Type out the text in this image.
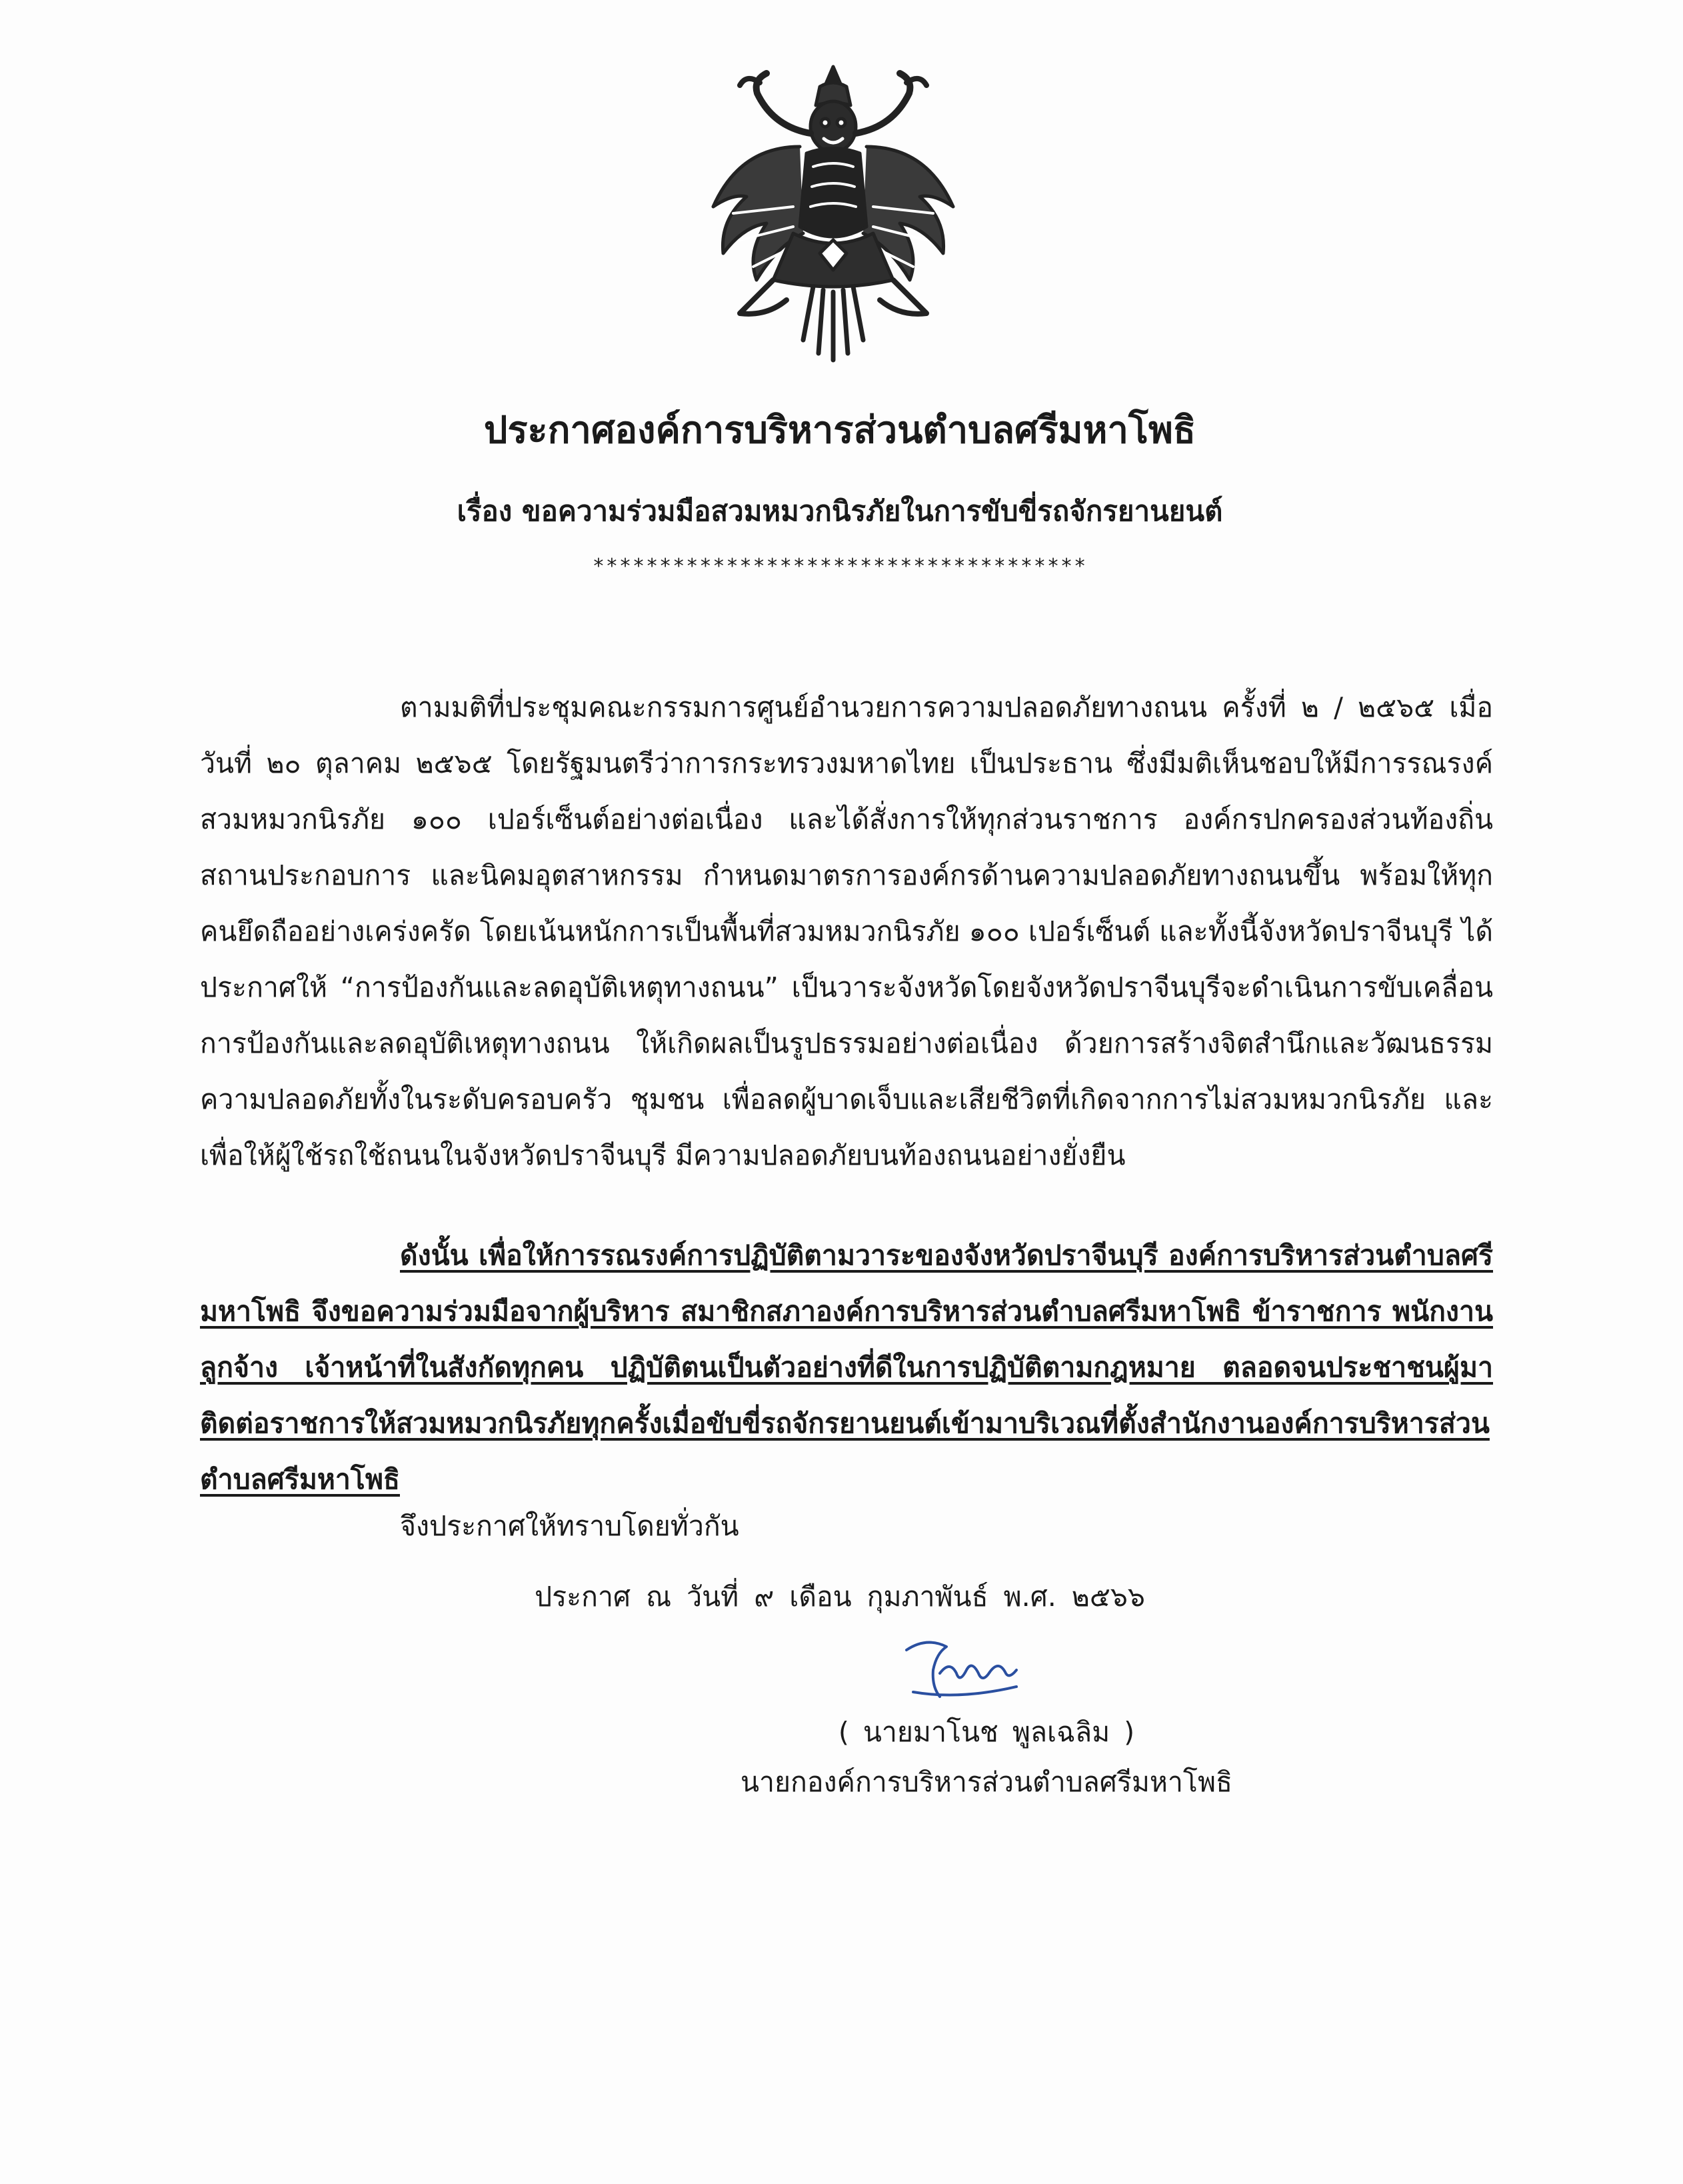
ประกาศองค์การบริหารส่วนตำบลศรีมหาโพธิ
เรื่อง ขอความร่วมมือสวมหมวกนิรภัยในการขับขี่รถจักรยานยนต์
*************************************

ตามมติที่ประชุมคณะกรรมการศูนย์อำนวยการความปลอดภัยทางถนน ครั้งที่ ๒ / ๒๕๖๕ เมื่อวันที่ ๒๐ ตุลาคม ๒๕๖๕ โดยรัฐมนตรีว่าการกระทรวงมหาดไทย เป็นประธาน ซึ่งมีมติเห็นชอบให้มีการรณรงค์สวมหมวกนิรภัย ๑๐๐ เปอร์เซ็นต์อย่างต่อเนื่อง และได้สั่งการให้ทุกส่วนราชการ องค์กรปกครองส่วนท้องถิ่น สถานประกอบการ และนิคมอุตสาหกรรม กำหนดมาตรการองค์กรด้านความปลอดภัยทางถนนขึ้น พร้อมให้ทุกคนยึดถืออย่างเคร่งครัด โดยเน้นหนักการเป็นพื้นที่สวมหมวกนิรภัย ๑๐๐ เปอร์เซ็นต์ และทั้งนี้จังหวัดปราจีนบุรี ได้ประกาศให้ “การป้องกันและลดอุบัติเหตุทางถนน” เป็นวาระจังหวัดโดยจังหวัดปราจีนบุรีจะดำเนินการขับเคลื่อนการป้องกันและลดอุบัติเหตุทางถนน ให้เกิดผลเป็นรูปธรรมอย่างต่อเนื่อง ด้วยการสร้างจิตสำนึกและวัฒนธรรมความปลอดภัยทั้งในระดับครอบครัว ชุมชน เพื่อลดผู้บาดเจ็บและเสียชีวิตที่เกิดจากการไม่สวมหมวกนิรภัย และเพื่อให้ผู้ใช้รถใช้ถนนในจังหวัดปราจีนบุรี มีความปลอดภัยบนท้องถนนอย่างยั่งยืน

ดังนั้น เพื่อให้การรณรงค์การปฏิบัติตามวาระของจังหวัดปราจีนบุรี องค์การบริหารส่วนตำบลศรีมหาโพธิ จึงขอความร่วมมือจากผู้บริหาร สมาชิกสภาองค์การบริหารส่วนตำบลศรีมหาโพธิ ข้าราชการ พนักงาน ลูกจ้าง เจ้าหน้าที่ในสังกัดทุกคน ปฏิบัติตนเป็นตัวอย่างที่ดีในการปฏิบัติตามกฎหมาย ตลอดจนประชาชนผู้มาติดต่อราชการให้สวมหมวกนิรภัยทุกครั้งเมื่อขับขี่รถจักรยานยนต์เข้ามาบริเวณที่ตั้งสำนักงานองค์การบริหารส่วนตำบลศรีมหาโพธิ

จึงประกาศให้ทราบโดยทั่วกัน
ประกาศ ณ วันที่ ๙ เดือน กุมภาพันธ์ พ.ศ. ๒๕๖๖
( นายมาโนช พูลเฉลิม )
นายกองค์การบริหารส่วนตำบลศรีมหาโพธิ
